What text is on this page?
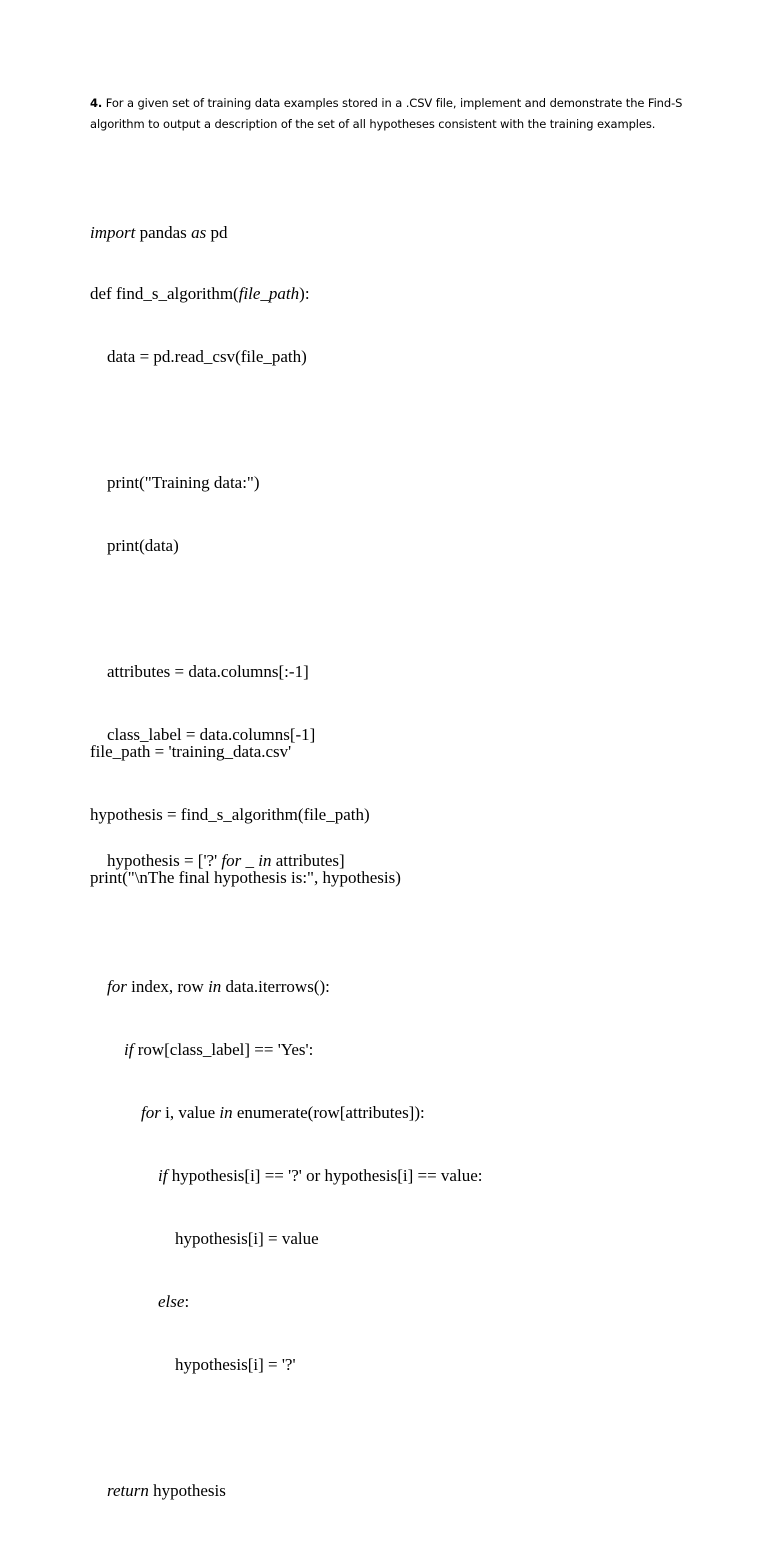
4. For a given set of training data examples stored in a .CSV file, implement and demonstrate the Find-S algorithm to output a description of the set of all hypotheses consistent with the training examples.

import pandas as pd

def find_s_algorithm(file_path):

data = pd.read_csv(file_path)

print("Training data:")

print(data)

attributes = data.columns[:-1]

class_label = data.columns[-1]

hypothesis = ['?' for _ in attributes]

for index, row in data.iterrows():

if row[class_label] == 'Yes':

for i, value in enumerate(row[attributes]):

if hypothesis[i] == '?' or hypothesis[i] == value:

hypothesis[i] = value

else:

hypothesis[i] = '?'

return hypothesis

file_path = 'training_data.csv'

hypothesis = find_s_algorithm(file_path)

print("\nThe final hypothesis is:", hypothesis)
